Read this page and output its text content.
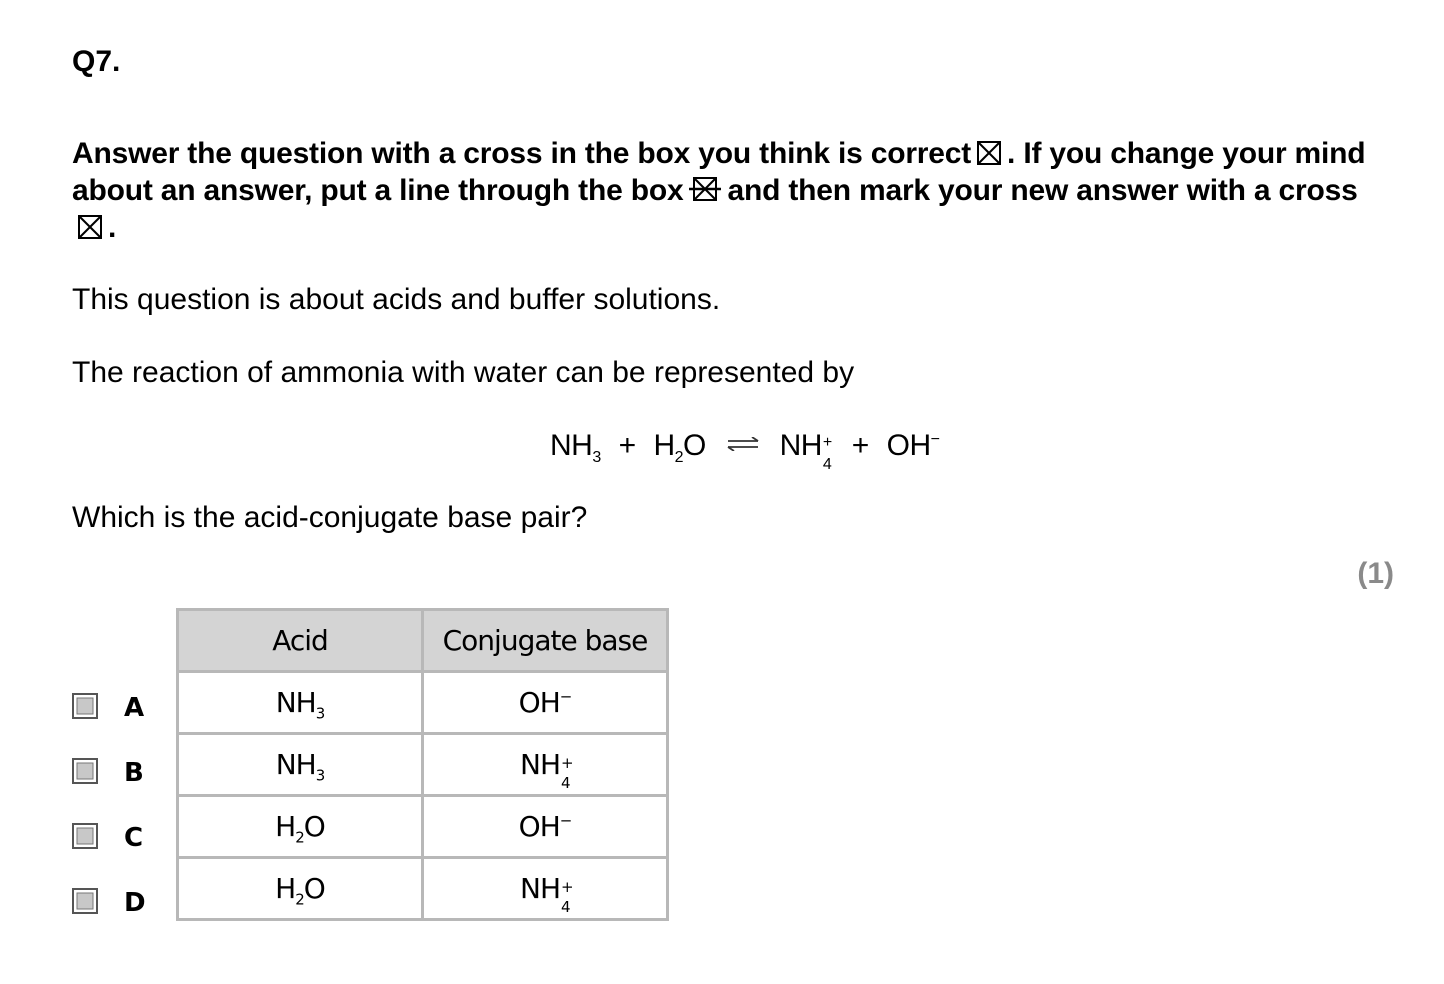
Q7.
Answer the question with a cross in the box you think is correct ☒ . If you change your mind about an answer, put a line through the box and then mark your new answer with a cross
.
This question is about acids and buffer solutions.
The reaction of ammonia with water can be represented by
$NH_3 + H_2O$ ⇌ NH +
4
+ OH−
Which is the acid-conjugate base pair?
(1)
Acid	Conjugate base
$NH_3$	OH−
$NH_3$	NH +
4

$H_2O$	OH−
$H_2O$	NH +
4
A
B
C
D
